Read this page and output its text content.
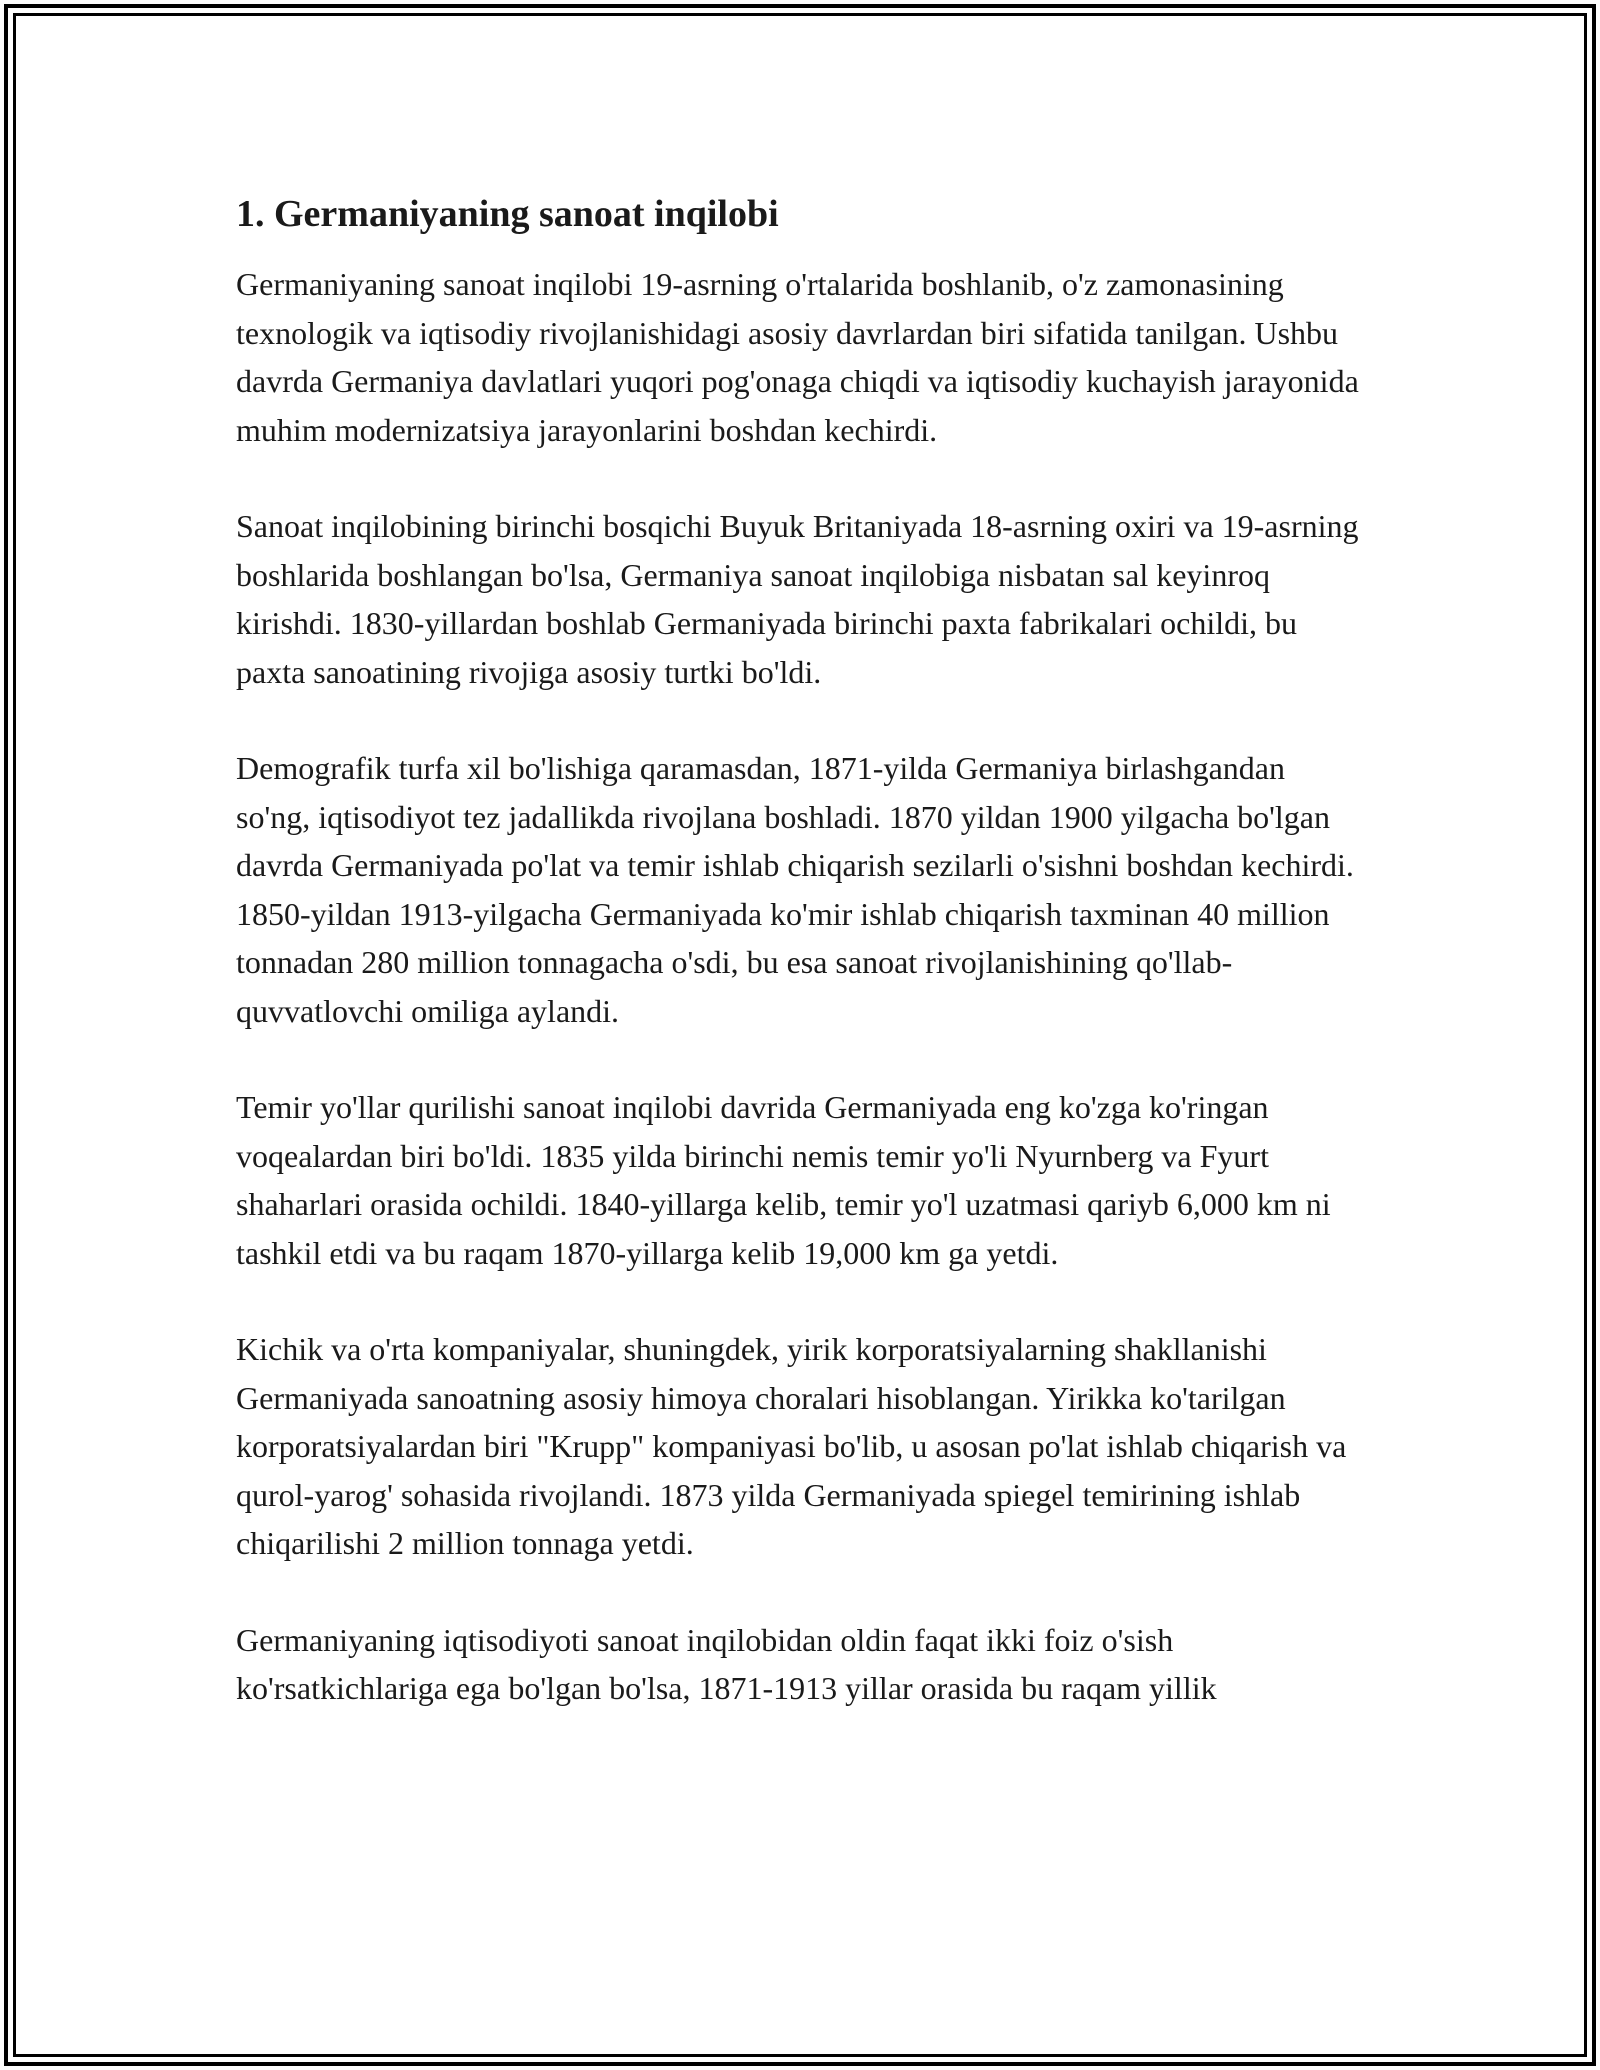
1. Germaniyaning sanoat inqilobi

Germaniyaning sanoat inqilobi 19-asrning o'rtalarida boshlanib, o'z zamonasining texnologik va iqtisodiy rivojlanishidagi asosiy davrlardan biri sifatida tanilgan. Ushbu davrda Germaniya davlatlari yuqori pog'onaga chiqdi va iqtisodiy kuchayish jarayonida muhim modernizatsiya jarayonlarini boshdan kechirdi.

Sanoat inqilobining birinchi bosqichi Buyuk Britaniyada 18-asrning oxiri va 19-asrning boshlarida boshlangan bo'lsa, Germaniya sanoat inqilobiga nisbatan sal keyinroq kirishdi. 1830-yillardan boshlab Germaniyada birinchi paxta fabrikalari ochildi, bu paxta sanoatining rivojiga asosiy turtki bo'ldi.

Demografik turfa xil bo'lishiga qaramasdan, 1871-yilda Germaniya birlashgandan so'ng, iqtisodiyot tez jadallikda rivojlana boshladi. 1870 yildan 1900 yilgacha bo'lgan davrda Germaniyada po'lat va temir ishlab chiqarish sezilarli o'sishni boshdan kechirdi. 1850-yildan 1913-yilgacha Germaniyada ko'mir ishlab chiqarish taxminan 40 million tonnadan 280 million tonnagacha o'sdi, bu esa sanoat rivojlanishining qo'llab-quvvatlovchi omiliga aylandi.

Temir yo'llar qurilishi sanoat inqilobi davrida Germaniyada eng ko'zga ko'ringan voqealardan biri bo'ldi. 1835 yilda birinchi nemis temir yo'li Nyurnberg va Fyurt shaharlari orasida ochildi. 1840-yillarga kelib, temir yo'l uzatmasi qariyb 6,000 km ni tashkil etdi va bu raqam 1870-yillarga kelib 19,000 km ga yetdi.

Kichik va o'rta kompaniyalar, shuningdek, yirik korporatsiyalarning shakllanishi Germaniyada sanoatning asosiy himoya choralari hisoblangan. Yirikka ko'tarilgan korporatsiyalardan biri "Krupp" kompaniyasi bo'lib, u asosan po'lat ishlab chiqarish va qurol-yarog' sohasida rivojlandi. 1873 yilda Germaniyada spiegel temirining ishlab chiqarilishi 2 million tonnaga yetdi.

Germaniyaning iqtisodiyoti sanoat inqilobidan oldin faqat ikki foiz o'sish ko'rsatkichlariga ega bo'lgan bo'lsa, 1871-1913 yillar orasida bu raqam yillik
